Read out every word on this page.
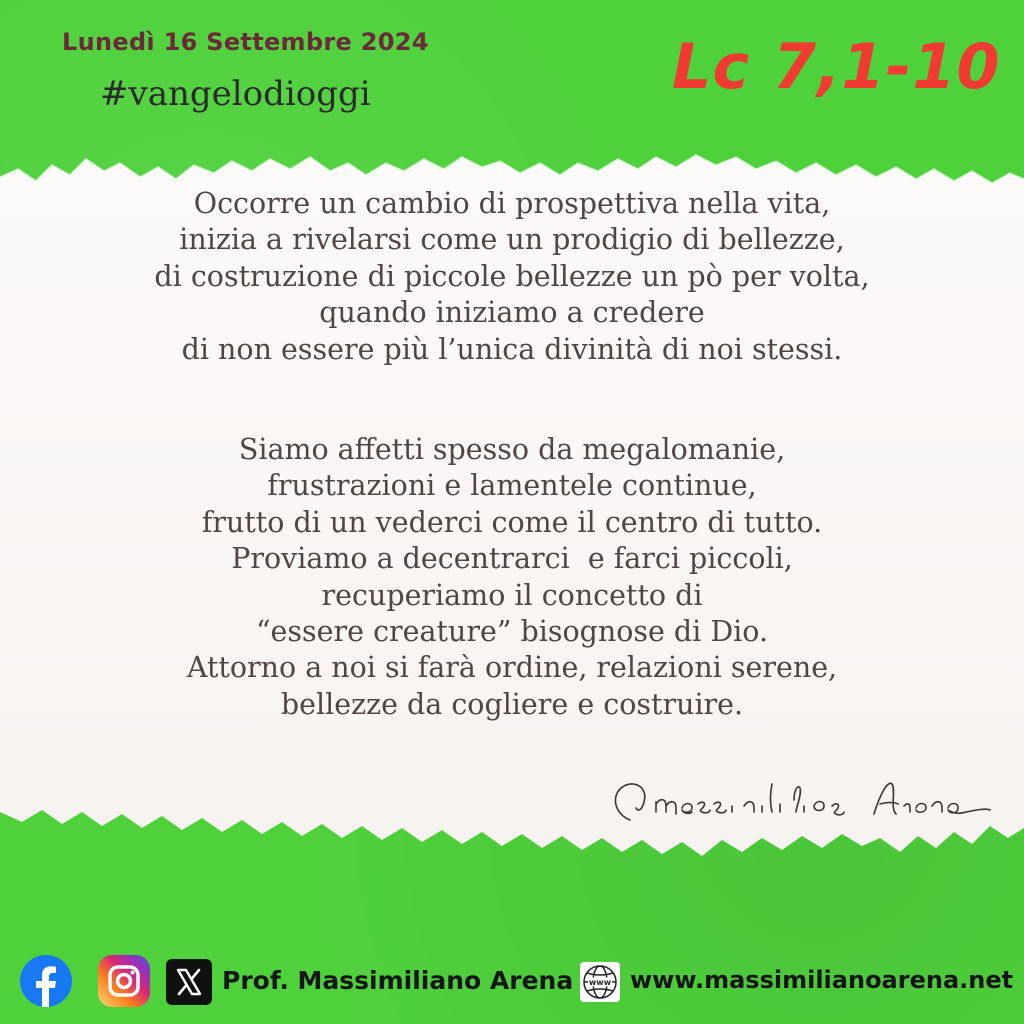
Lunedì 16 Settembre 2024
#vangelodioggi	Lc 7,1-10
Occorre un cambio di prospettiva nella vita,
inizia a rivelarsi come un prodigio di bellezze,
di costruzione di piccole bellezze un pò per volta,
quando iniziamo a credere
di non essere più l’unica divinità di noi stessi.
Siamo affetti spesso da megalomanie,
frustrazioni e lamentele continue,
frutto di un vederci come il centro di tutto.
Proviamo a decentrarci  e farci piccoli,
recuperiamo il concetto di
“essere creature” bisognose di Dio.
Attorno a noi si farà ordine, relazioni serene,
bellezze da cogliere e costruire.
Prof. Massimiliano Arena www www.massimilianoarena.net
